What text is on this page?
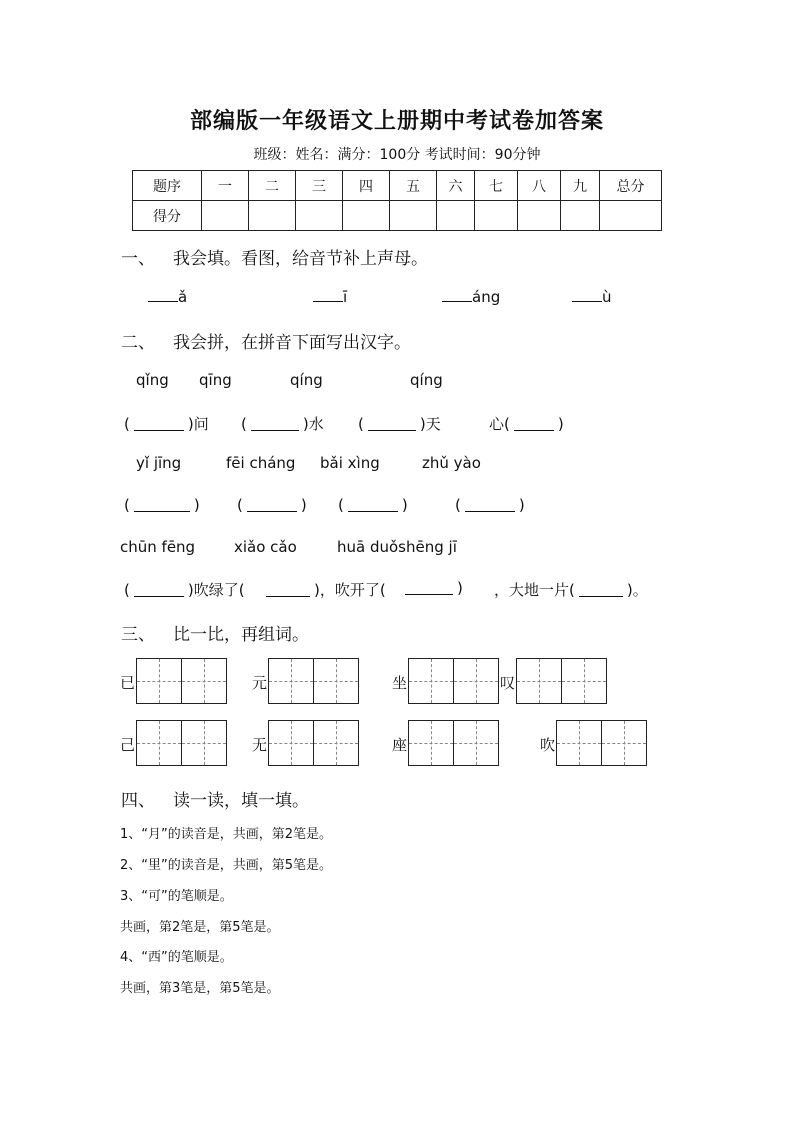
部编版一年级语文上册期中考试卷加答案
班级：姓名：满分：100分 考试时间：90分钟
题序	一	二	三	四	五	六	七	八	九	总分
得分										
一、 我会填。看图，给音节补上声母。
ǎ	ī	áng	ù
二、 我会拼，在拼音下面写出汉字。
qǐng qīng	qíng	qíng
(	)问 (	)水 (	)天	心(	)
yǐ jīng	fēi cháng bǎi xìng	zhǔ yào
(	) (	) (	)	(	)
chūn fēng	xiǎo cǎo	huā duǒshēng jī
(	)吹绿了(	)，吹开了(	) ，大地一片(	)。
三、 比一比，再组词。
已	元	坐	叹
己	无	座	吹
四、 读一读，填一填。
1、“月”的读音是，共画，第2笔是。
2、“里”的读音是，共画，第5笔是。
3、“可”的笔顺是。
共画，第2笔是，第5笔是。
4、“西”的笔顺是。
共画，第3笔是，第5笔是。
